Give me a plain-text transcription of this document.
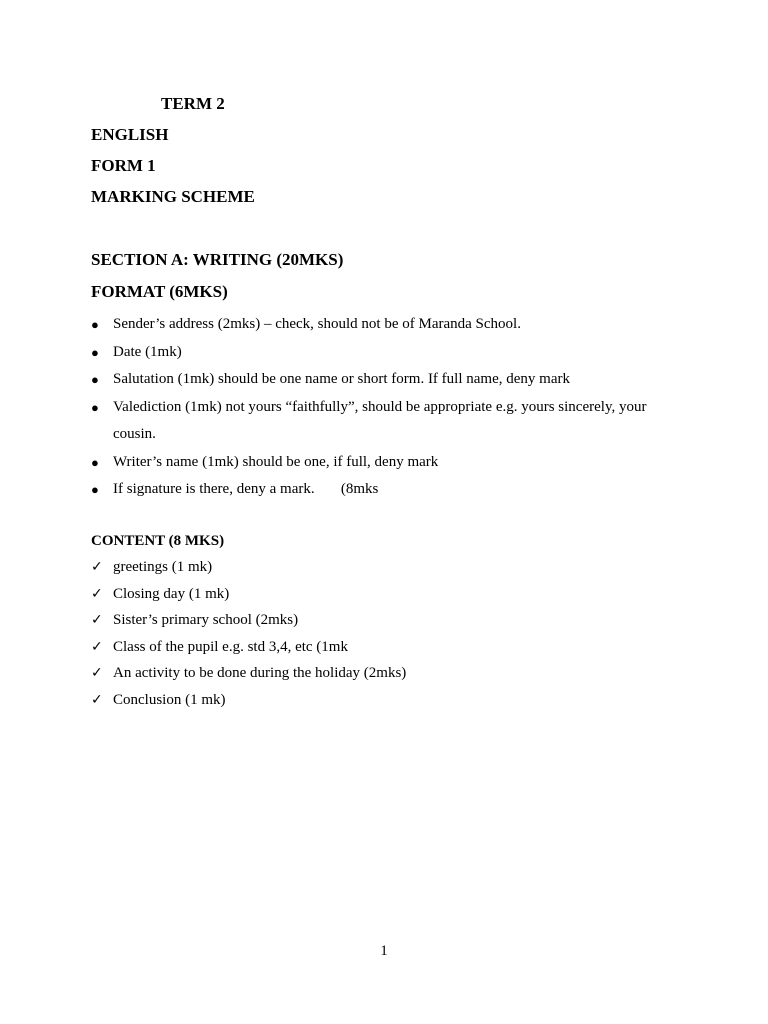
TERM 2
ENGLISH
FORM 1
MARKING SCHEME
SECTION A: WRITING (20MKS)
FORMAT (6MKS)
● Sender’s address (2mks) – check, should not be of Maranda School.
● Date (1mk)
● Salutation (1mk) should be one name or short form. If full name, deny mark
● Valediction (1mk) not yours “faithfully”, should be appropriate e.g. yours sincerely, your cousin.
● Writer’s name (1mk) should be one, if full, deny mark
● If signature is there, deny a mark.       (8mks
CONTENT (8 MKS)
✓ greetings (1 mk)
✓ Closing day (1 mk)
✓ Sister’s primary school (2mks)
✓ Class of the pupil e.g. std 3,4, etc (1mk
✓ An activity to be done during the holiday (2mks)
✓ Conclusion (1 mk)
1
